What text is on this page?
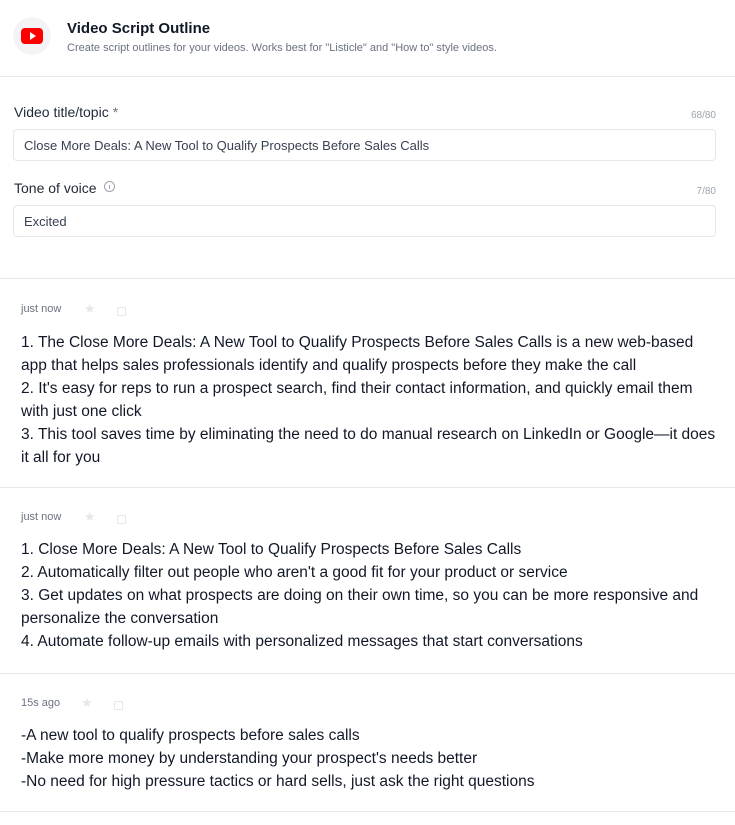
Video Script Outline
Create script outlines for your videos. Works best for "Listicle" and "How to" style videos.
Video title/topic *	68/80
Close More Deals: A New Tool to Qualify Prospects Before Sales Calls
Tone of voice	7/80
Excited
just now ★
1. The Close More Deals: A New Tool to Qualify Prospects Before Sales Calls is a new web-based app that helps sales professionals identify and qualify prospects before they make the call
2. It's easy for reps to run a prospect search, find their contact information, and quickly email them with just one click
3. This tool saves time by eliminating the need to do manual research on LinkedIn or Google—it does it all for you
just now ★
1. Close More Deals: A New Tool to Qualify Prospects Before Sales Calls
2. Automatically filter out people who aren't a good fit for your product or service
3. Get updates on what prospects are doing on their own time, so you can be more responsive and personalize the conversation
4. Automate follow-up emails with personalized messages that start conversations
15s ago ★
-A new tool to qualify prospects before sales calls
-Make more money by understanding your prospect's needs better
-No need for high pressure tactics or hard sells, just ask the right questions
